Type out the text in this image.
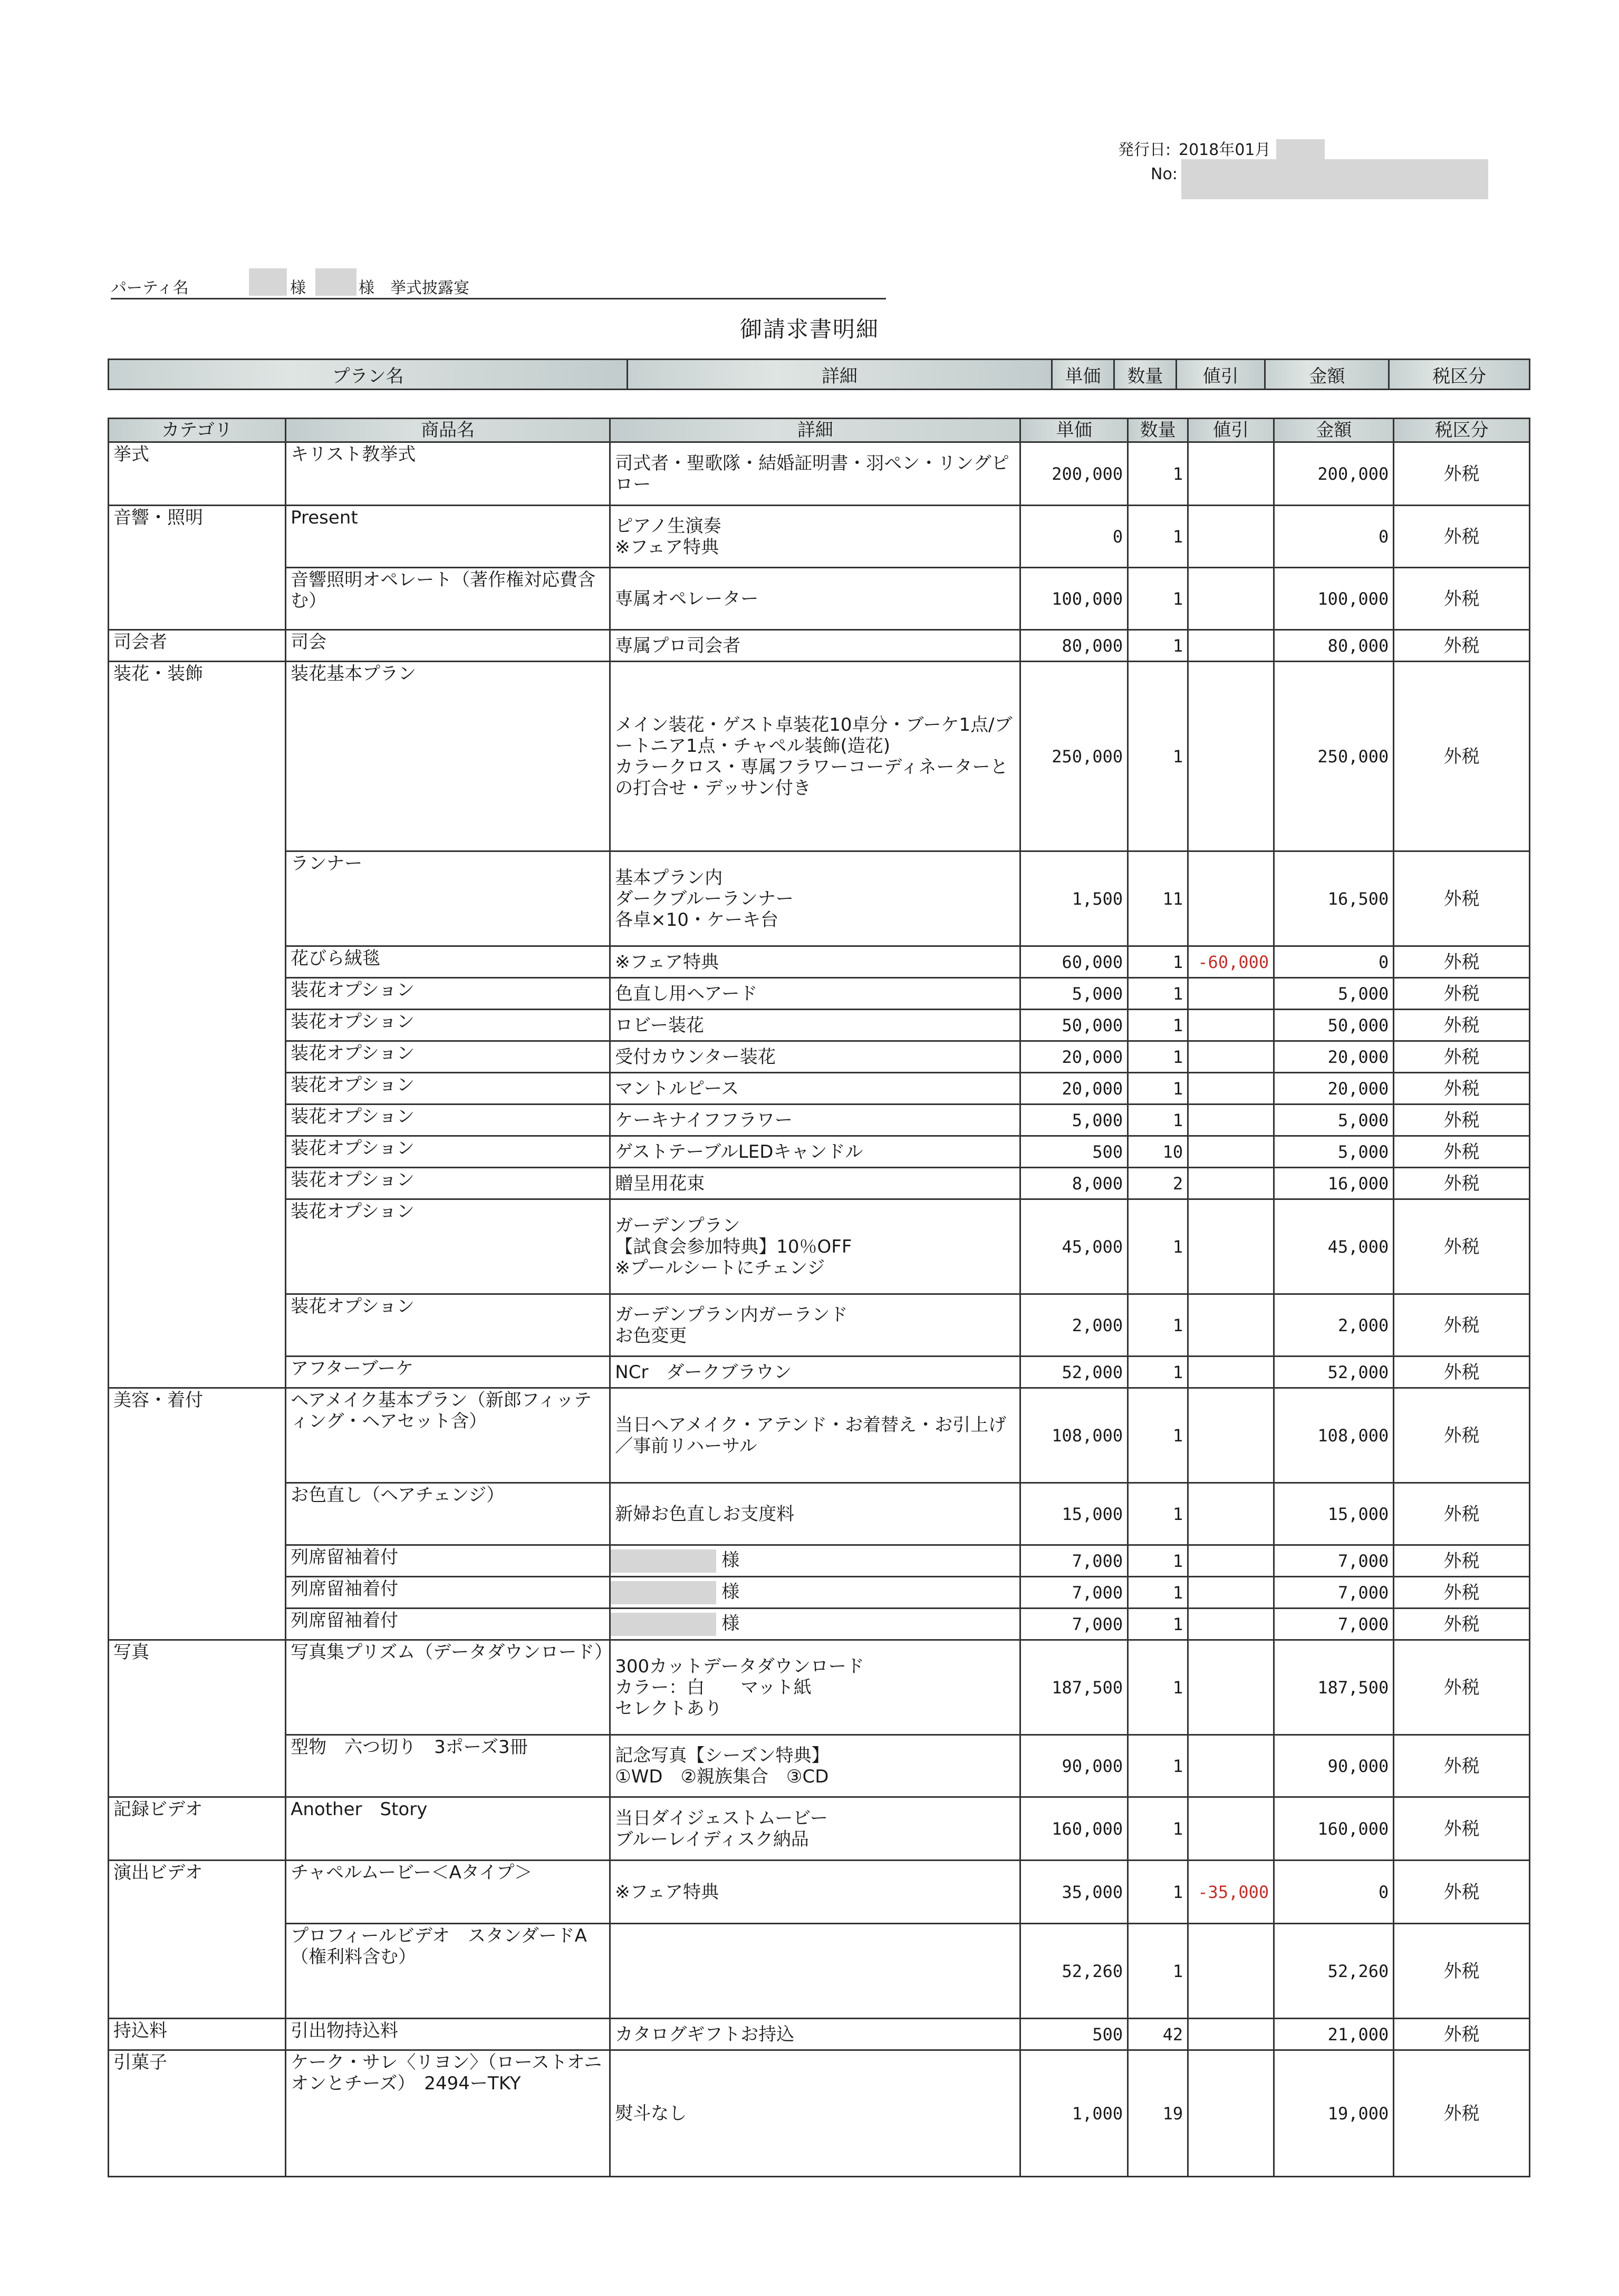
発行日: 2018年01月
No:
パーティ名	様	様 挙式披露宴
御請求書明細
プラン名	詳細	単価	数量	値引	金額	税区分
カテゴリ	商品名	詳細	単価	数量	値引	金額	税区分
挙式	キリスト教挙式	司式者・聖歌隊・結婚証明書・羽ペン・リングピロー	200,000	1		200,000	外税
音響・照明	Present	ピアノ生演奏
※フェア特典	0	1		0	外税
	音響照明オペレート（著作権対応費含む）	専属オペレーター	100,000	1		100,000	外税
司会者	司会	専属プロ司会者	80,000	1		80,000	外税
装花・装飾	装花基本プラン	メイン装花・ゲスト卓装花10卓分・ブーケ1点/ブートニア1点・チャペル装飾(造花)
カラークロス・専属フラワーコーディネーターとの打合せ・デッサン付き	250,000	1		250,000	外税
	ランナー	基本プラン内
ダークブルーランナー
各卓×10・ケーキ台	1,500	11		16,500	外税
	花びら絨毯	※フェア特典	60,000	1	-60,000	0	外税
	装花オプション	色直し用ヘアード	5,000	1		5,000	外税
	装花オプション	ロビー装花	50,000	1		50,000	外税
	装花オプション	受付カウンター装花	20,000	1		20,000	外税
	装花オプション	マントルピース	20,000	1		20,000	外税
	装花オプション	ケーキナイフフラワー	5,000	1		5,000	外税
	装花オプション	ゲストテーブルLEDキャンドル	500	10		5,000	外税
	装花オプション	贈呈用花束	8,000	2		16,000	外税
	装花オプション	ガーデンプラン
【試食会参加特典】10％OFF
※プールシートにチェンジ	45,000	1		45,000	外税
	装花オプション	ガーデンプラン内ガーランド
お色変更	2,000	1		2,000	外税
	アフターブーケ	NCr　ダークブラウン	52,000	1		52,000	外税
美容・着付	ヘアメイク基本プラン（新郎フィッティング・ヘアセット含）	当日ヘアメイク・アテンド・お着替え・お引上げ／事前リハーサル	108,000	1		108,000	外税
	お色直し（ヘアチェンジ）	新婦お色直しお支度料	15,000	1		15,000	外税
	列席留袖着付	様	7,000	1		7,000	外税
	列席留袖着付	様	7,000	1		7,000	外税
	列席留袖着付	様	7,000	1		7,000	外税
写真	写真集プリズム（データダウンロード）	300カットデータダウンロード
カラー：白　　マット紙
セレクトあり	187,500	1		187,500	外税
	型物　六つ切り　3ポーズ3冊	記念写真【シーズン特典】
①WD　②親族集合　③CD	90,000	1		90,000	外税
記録ビデオ	Another　Story	当日ダイジェストムービー
ブルーレイディスク納品	160,000	1		160,000	外税
演出ビデオ	チャペルムービー＜Aタイプ＞	※フェア特典	35,000	1	-35,000	0	外税
	プロフィールビデオ　スタンダードA（権利料含む）		52,260	1		52,260	外税
持込料	引出物持込料	カタログギフトお持込	500	42		21,000	外税
引菓子	ケーク・サレ〈リヨン〉（ローストオニオンとチーズ）　2494ーTKY	熨斗なし	1,000	19		19,000	外税
